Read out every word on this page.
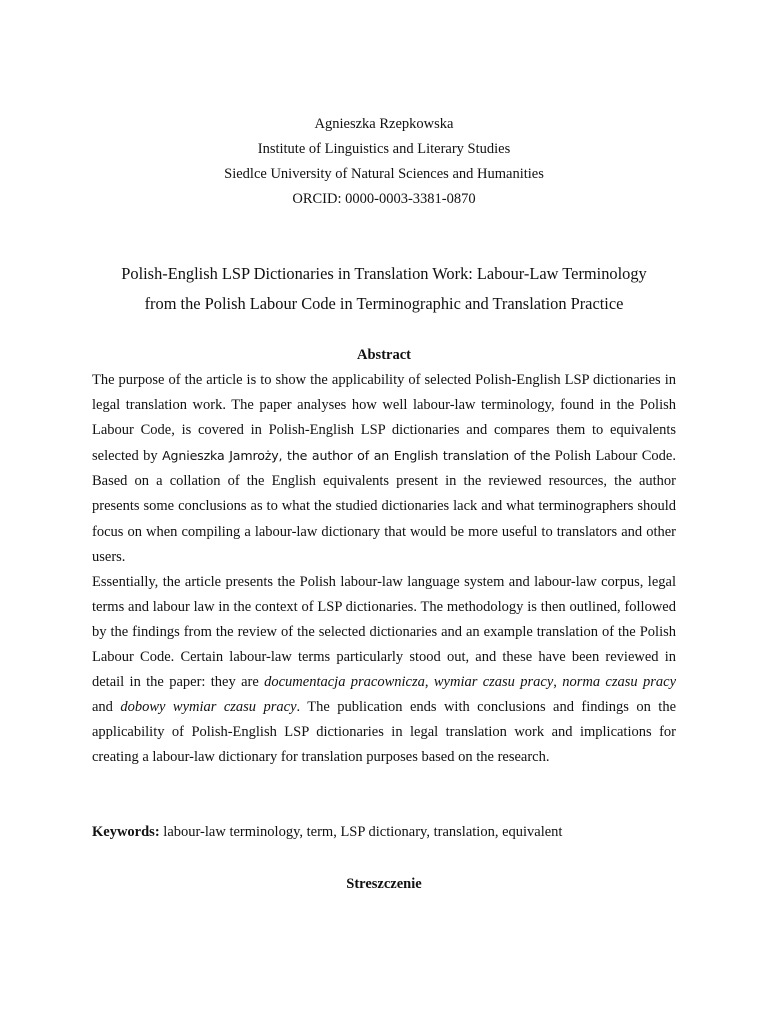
Agnieszka Rzepkowska
Institute of Linguistics and Literary Studies
Siedlce University of Natural Sciences and Humanities
ORCID: 0000-0003-3381-0870
Polish-English LSP Dictionaries in Translation Work: Labour-Law Terminology
from the Polish Labour Code in Terminographic and Translation Practice
Abstract

The purpose of the article is to show the applicability of selected Polish-English LSP dictionaries in legal translation work. The paper analyses how well labour-law terminology, found in the Polish Labour Code, is covered in Polish-English LSP dictionaries and compares them to equivalents selected by Agnieszka Jamroży, the author of an English translation of the Polish Labour Code. Based on a collation of the English equivalents present in the reviewed resources, the author presents some conclusions as to what the studied dictionaries lack and what terminographers should focus on when compiling a labour-law dictionary that would be more useful to translators and other users.

Essentially, the article presents the Polish labour-law language system and labour-law corpus, legal terms and labour law in the context of LSP dictionaries. The methodology is then outlined, followed by the findings from the review of the selected dictionaries and an example translation of the Polish Labour Code. Certain labour-law terms particularly stood out, and these have been reviewed in detail in the paper: they are documentacja pracownicza, wymiar czasu pracy, norma czasu pracy and dobowy wymiar czasu pracy. The publication ends with conclusions and findings on the applicability of Polish-English LSP dictionaries in legal translation work and implications for creating a labour-law dictionary for translation purposes based on the research.

Keywords: labour-law terminology, term, LSP dictionary, translation, equivalent
Streszczenie
